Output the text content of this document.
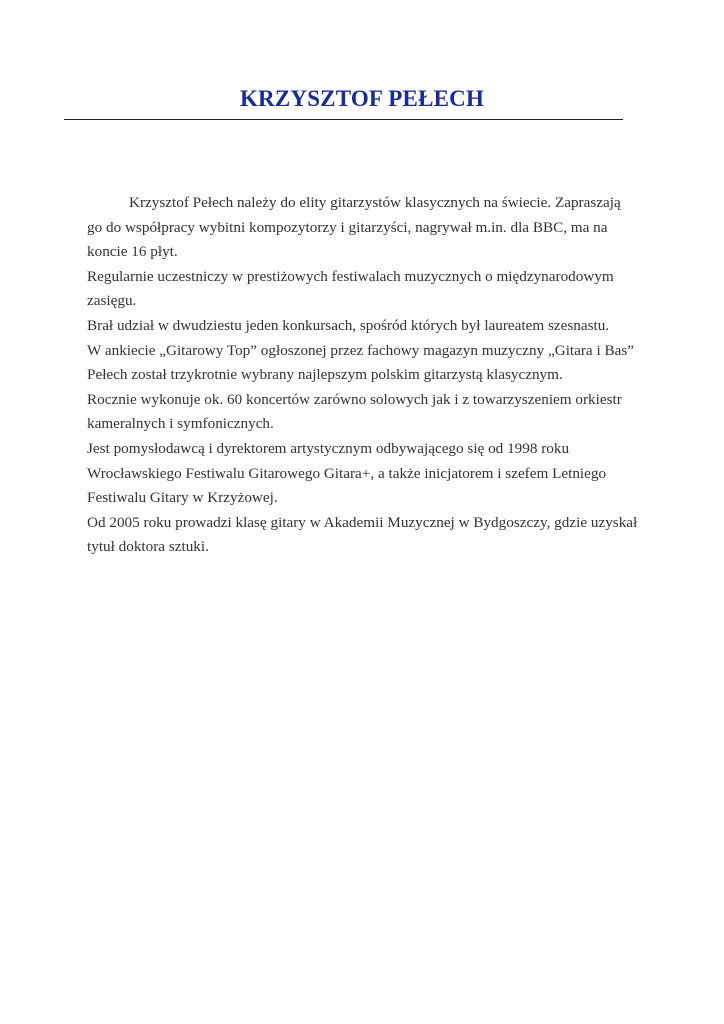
KRZYSZTOF PEŁECH

Krzysztof Pełech należy do elity gitarzystów klasycznych na świecie. Zapraszają go do współpracy wybitni kompozytorzy i gitarzyści, nagrywał m.in. dla BBC, ma na koncie 16 płyt.

Regularnie uczestniczy w prestiżowych festiwalach muzycznych o międzynarodowym zasięgu.

Brał udział w dwudziestu jeden konkursach, spośród których był laureatem szesnastu.

W ankiecie „Gitarowy Top” ogłoszonej przez fachowy magazyn muzyczny „Gitara i Bas” Pełech został trzykrotnie wybrany najlepszym polskim gitarzystą klasycznym.

Rocznie wykonuje ok. 60 koncertów zarówno solowych jak i z towarzyszeniem orkiestr kameralnych i symfonicznych.

Jest pomysłodawcą i dyrektorem artystycznym odbywającego się od 1998 roku Wrocławskiego Festiwalu Gitarowego Gitara+, a także inicjatorem i szefem Letniego Festiwalu Gitary w Krzyżowej.

Od 2005 roku prowadzi klasę gitary w Akademii Muzycznej w Bydgoszczy, gdzie uzyskał tytuł doktora sztuki.
